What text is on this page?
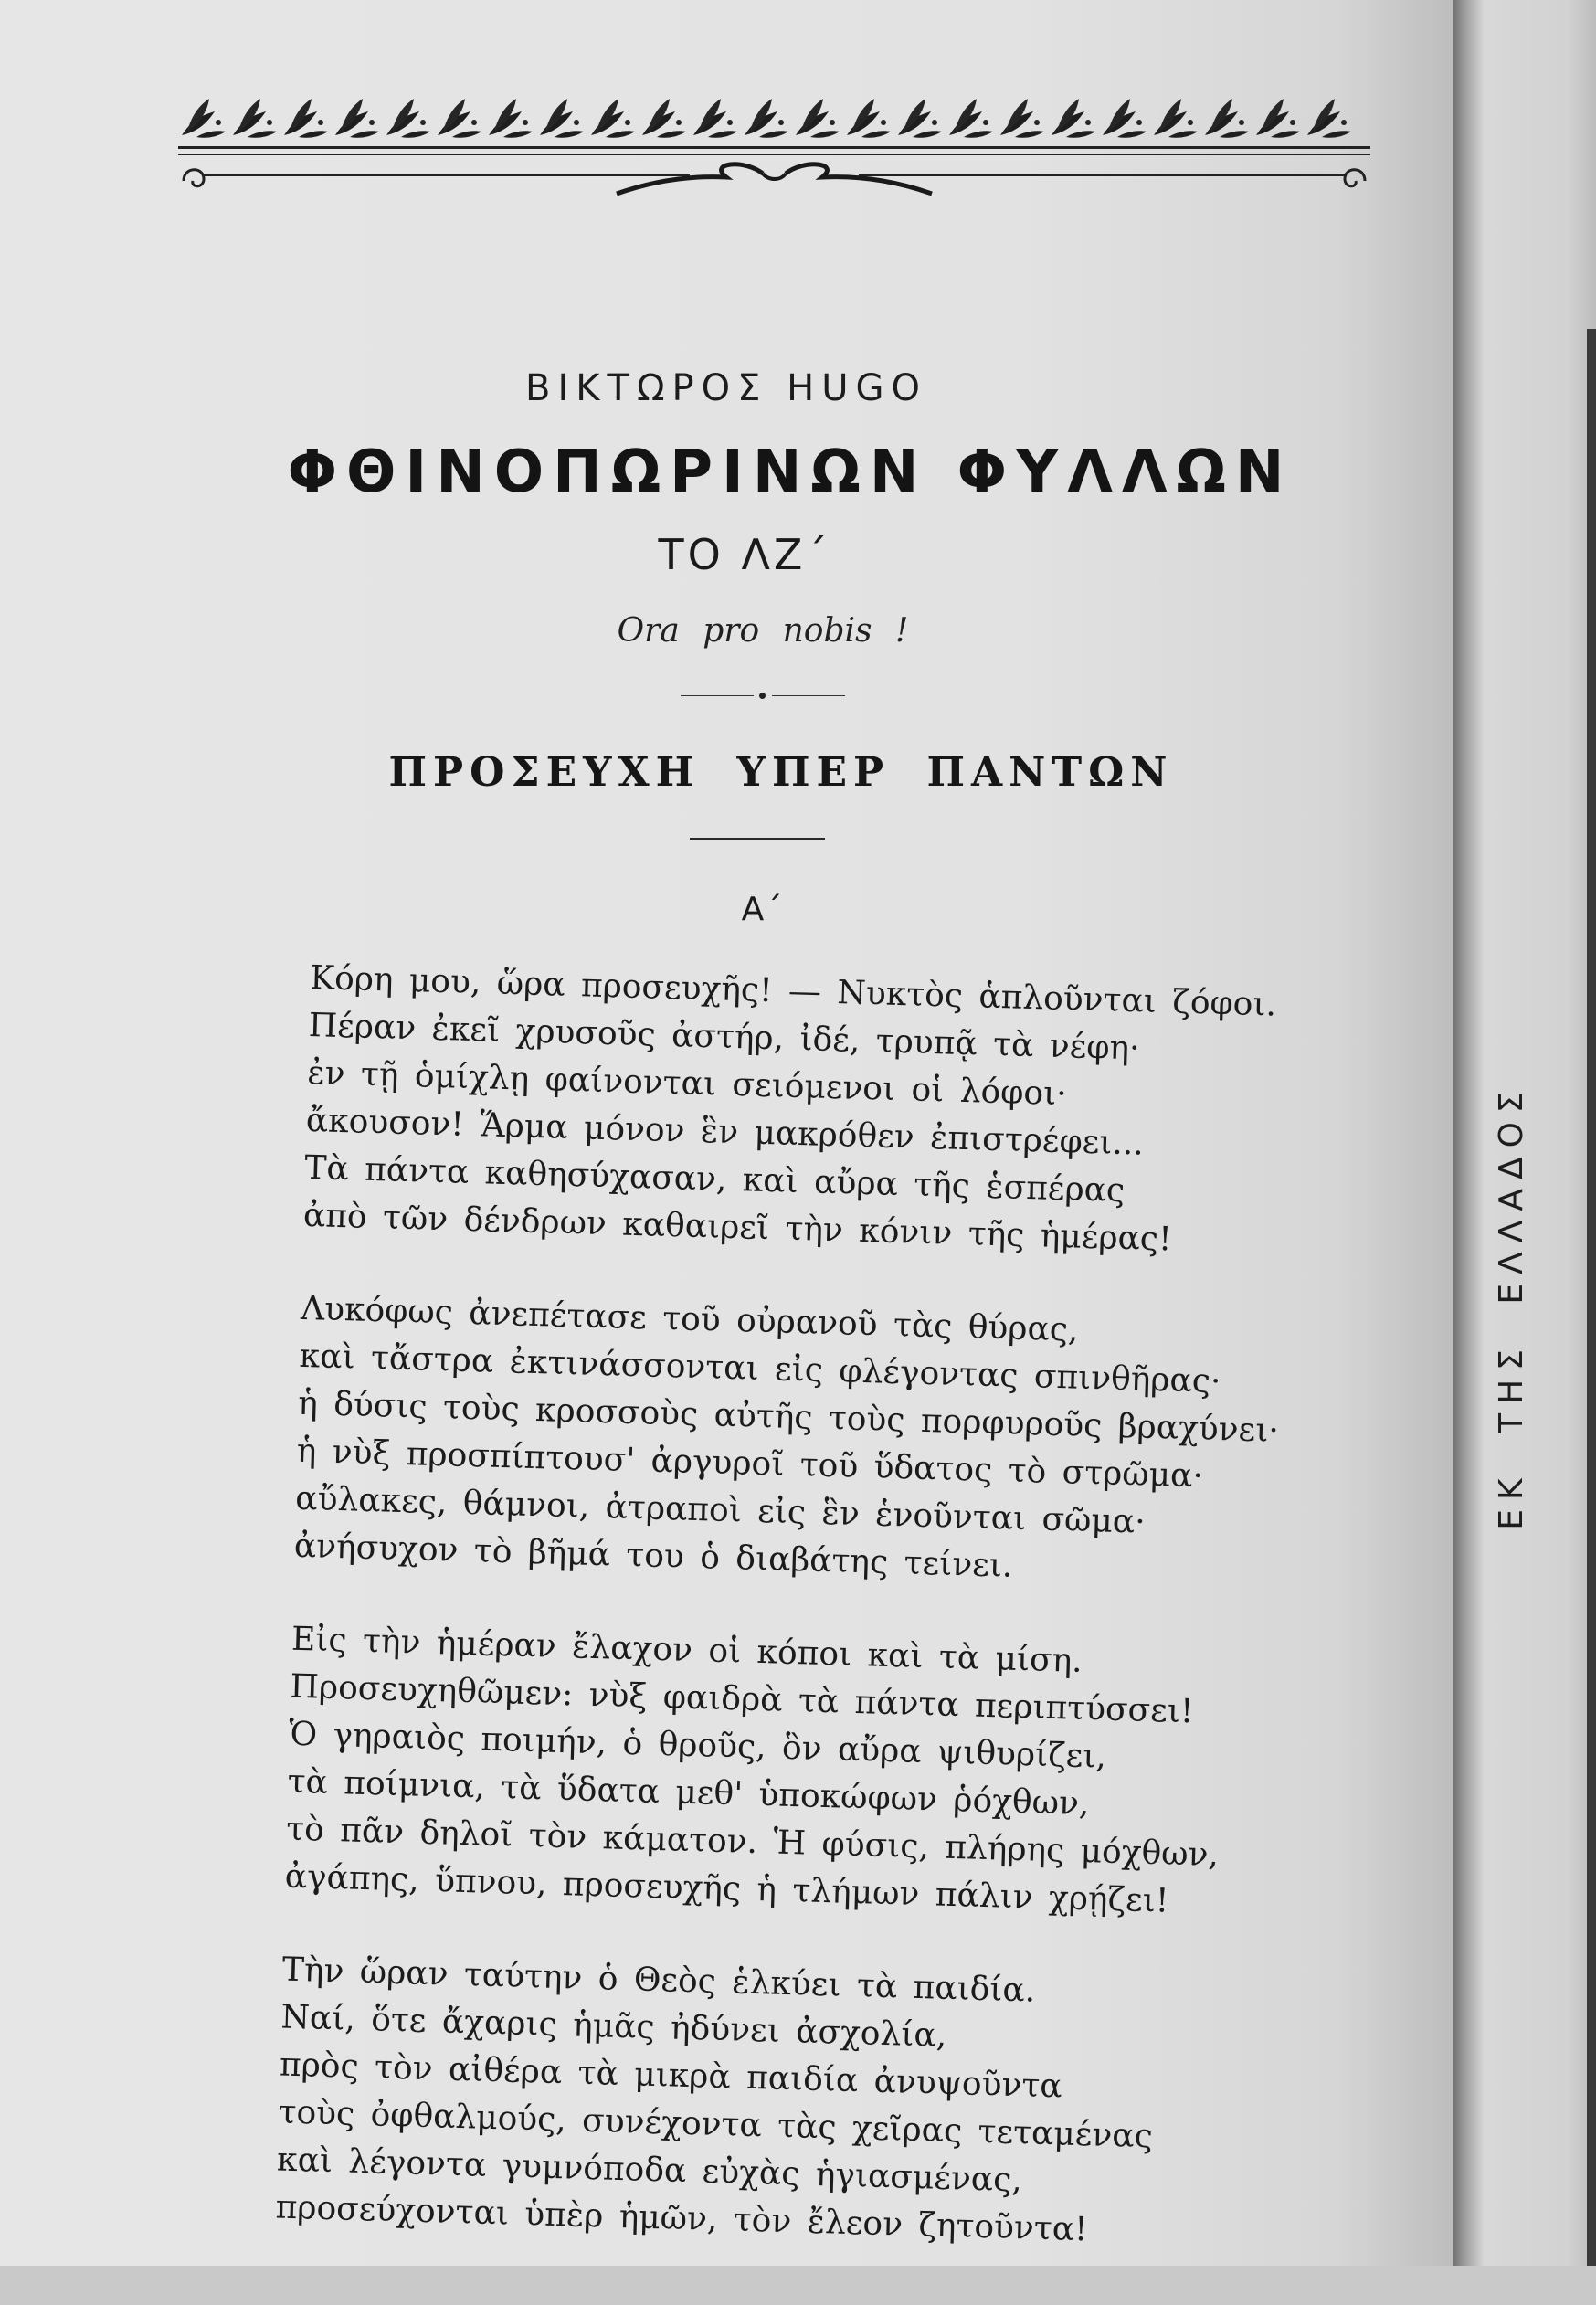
ΒΙΚΤΩΡΟΣ HUGO
ΦΘΙΝΟΠΩΡΙΝΩΝ ΦΥΛΛΩΝ
ΤΟ ΛΖ΄
Ora pro nobis !
ΠΡΟΣΕΥΧΗ ΥΠΕΡ ΠΑΝΤΩΝ
Α΄
Κόρη μου, ὥρα προσευχῆς! — Νυκτὸς ἁπλοῦνται ζόφοι.
Πέραν ἐκεῖ χρυσοῦς ἀστήρ, ἰδέ, τρυπᾷ τὰ νέφη·
ἐν τῇ ὁμίχλῃ φαίνονται σειόμενοι οἱ λόφοι·
ἄκουσον! Ἅρμα μόνον ἓν μακρόθεν ἐπιστρέφει...
Τὰ πάντα καθησύχασαν, καὶ αὔρα τῆς ἑσπέρας
ἀπὸ τῶν δένδρων καθαιρεῖ τὴν κόνιν τῆς ἡμέρας!
Λυκόφως ἀνεπέτασε τοῦ οὐρανοῦ τὰς θύρας,
καὶ τἄστρα ἐκτινάσσονται εἰς φλέγοντας σπινθῆρας·
ἡ δύσις τοὺς κροσσοὺς αὐτῆς τοὺς πορφυροῦς βραχύνει·
ἡ νὺξ προσπίπτουσ' ἀργυροῖ τοῦ ὕδατος τὸ στρῶμα·
αὔλακες, θάμνοι, ἀτραποὶ εἰς ἓν ἑνοῦνται σῶμα·
ἀνήσυχον τὸ βῆμά του ὁ διαβάτης τείνει.
Εἰς τὴν ἡμέραν ἔλαχον οἱ κόποι καὶ τὰ μίση.
Προσευχηθῶμεν: νὺξ φαιδρὰ τὰ πάντα περιπτύσσει!
Ὁ γηραιὸς ποιμήν, ὁ θροῦς, ὃν αὔρα ψιθυρίζει,
τὰ ποίμνια, τὰ ὕδατα μεθ' ὑποκώφων ῥόχθων,
τὸ πᾶν δηλοῖ τὸν κάματον. Ἡ φύσις, πλήρης μόχθων,
ἀγάπης, ὕπνου, προσευχῆς ἡ τλήμων πάλιν χρῄζει!
Τὴν ὥραν ταύτην ὁ Θεὸς ἑλκύει τὰ παιδία.
Ναί, ὅτε ἄχαρις ἡμᾶς ἠδύνει ἀσχολία,
πρὸς τὸν αἰθέρα τὰ μικρὰ παιδία ἀνυψοῦντα
τοὺς ὀφθαλμούς, συνέχοντα τὰς χεῖρας τεταμένας
καὶ λέγοντα γυμνόποδα εὐχὰς ἡγιασμένας,
προσεύχονται ὑπὲρ ἡμῶν, τὸν ἔλεον ζητοῦντα!
ΕΚ ΤΗΣ ΕΛΛΑΔΟΣ
